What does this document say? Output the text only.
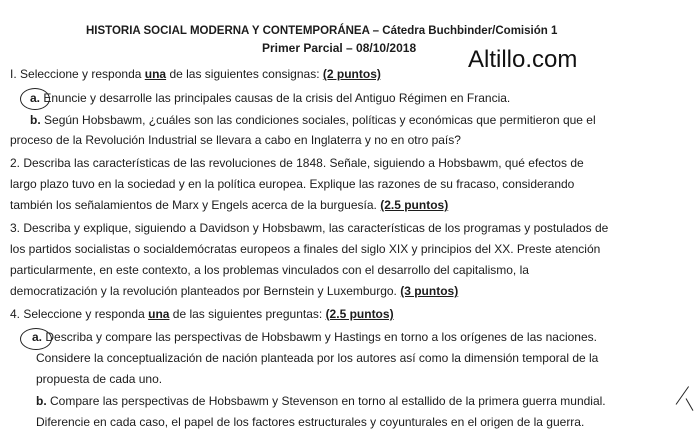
HISTORIA SOCIAL MODERNA Y CONTEMPORÁNEA – Cátedra Buchbinder/Comisión 1
Primer Parcial – 08/10/2018 Altillo.com
I. Seleccione y responda una de las siguientes consignas: (2 puntos)
a. Enuncie y desarrolle las principales causas de la crisis del Antiguo Régimen en Francia.
b. Según Hobsbawm, ¿cuáles son las condiciones sociales, políticas y económicas que permitieron que el
proceso de la Revolución Industrial se llevara a cabo en Inglaterra y no en otro país?
2. Describa las características de las revoluciones de 1848. Señale, siguiendo a Hobsbawm, qué efectos de
largo plazo tuvo en la sociedad y en la política europea. Explique las razones de su fracaso, considerando
también los señalamientos de Marx y Engels acerca de la burguesía. (2.5 puntos)
3. Describa y explique, siguiendo a Davidson y Hobsbawm, las características de los programas y postulados de
los partidos socialistas o socialdemócratas europeos a finales del siglo XIX y principios del XX. Preste atención
particularmente, en este contexto, a los problemas vinculados con el desarrollo del capitalismo, la
democratización y la revolución planteados por Bernstein y Luxemburgo. (3 puntos)
4. Seleccione y responda una de las siguientes preguntas: (2.5 puntos)
a. Describa y compare las perspectivas de Hobsbawm y Hastings en torno a los orígenes de las naciones.
Considere la conceptualización de nación planteada por los autores así como la dimensión temporal de la
propuesta de cada uno.
b. Compare las perspectivas de Hobsbawm y Stevenson en torno al estallido de la primera guerra mundial.
Diferencie en cada caso, el papel de los factores estructurales y coyunturales en el origen de la guerra.
